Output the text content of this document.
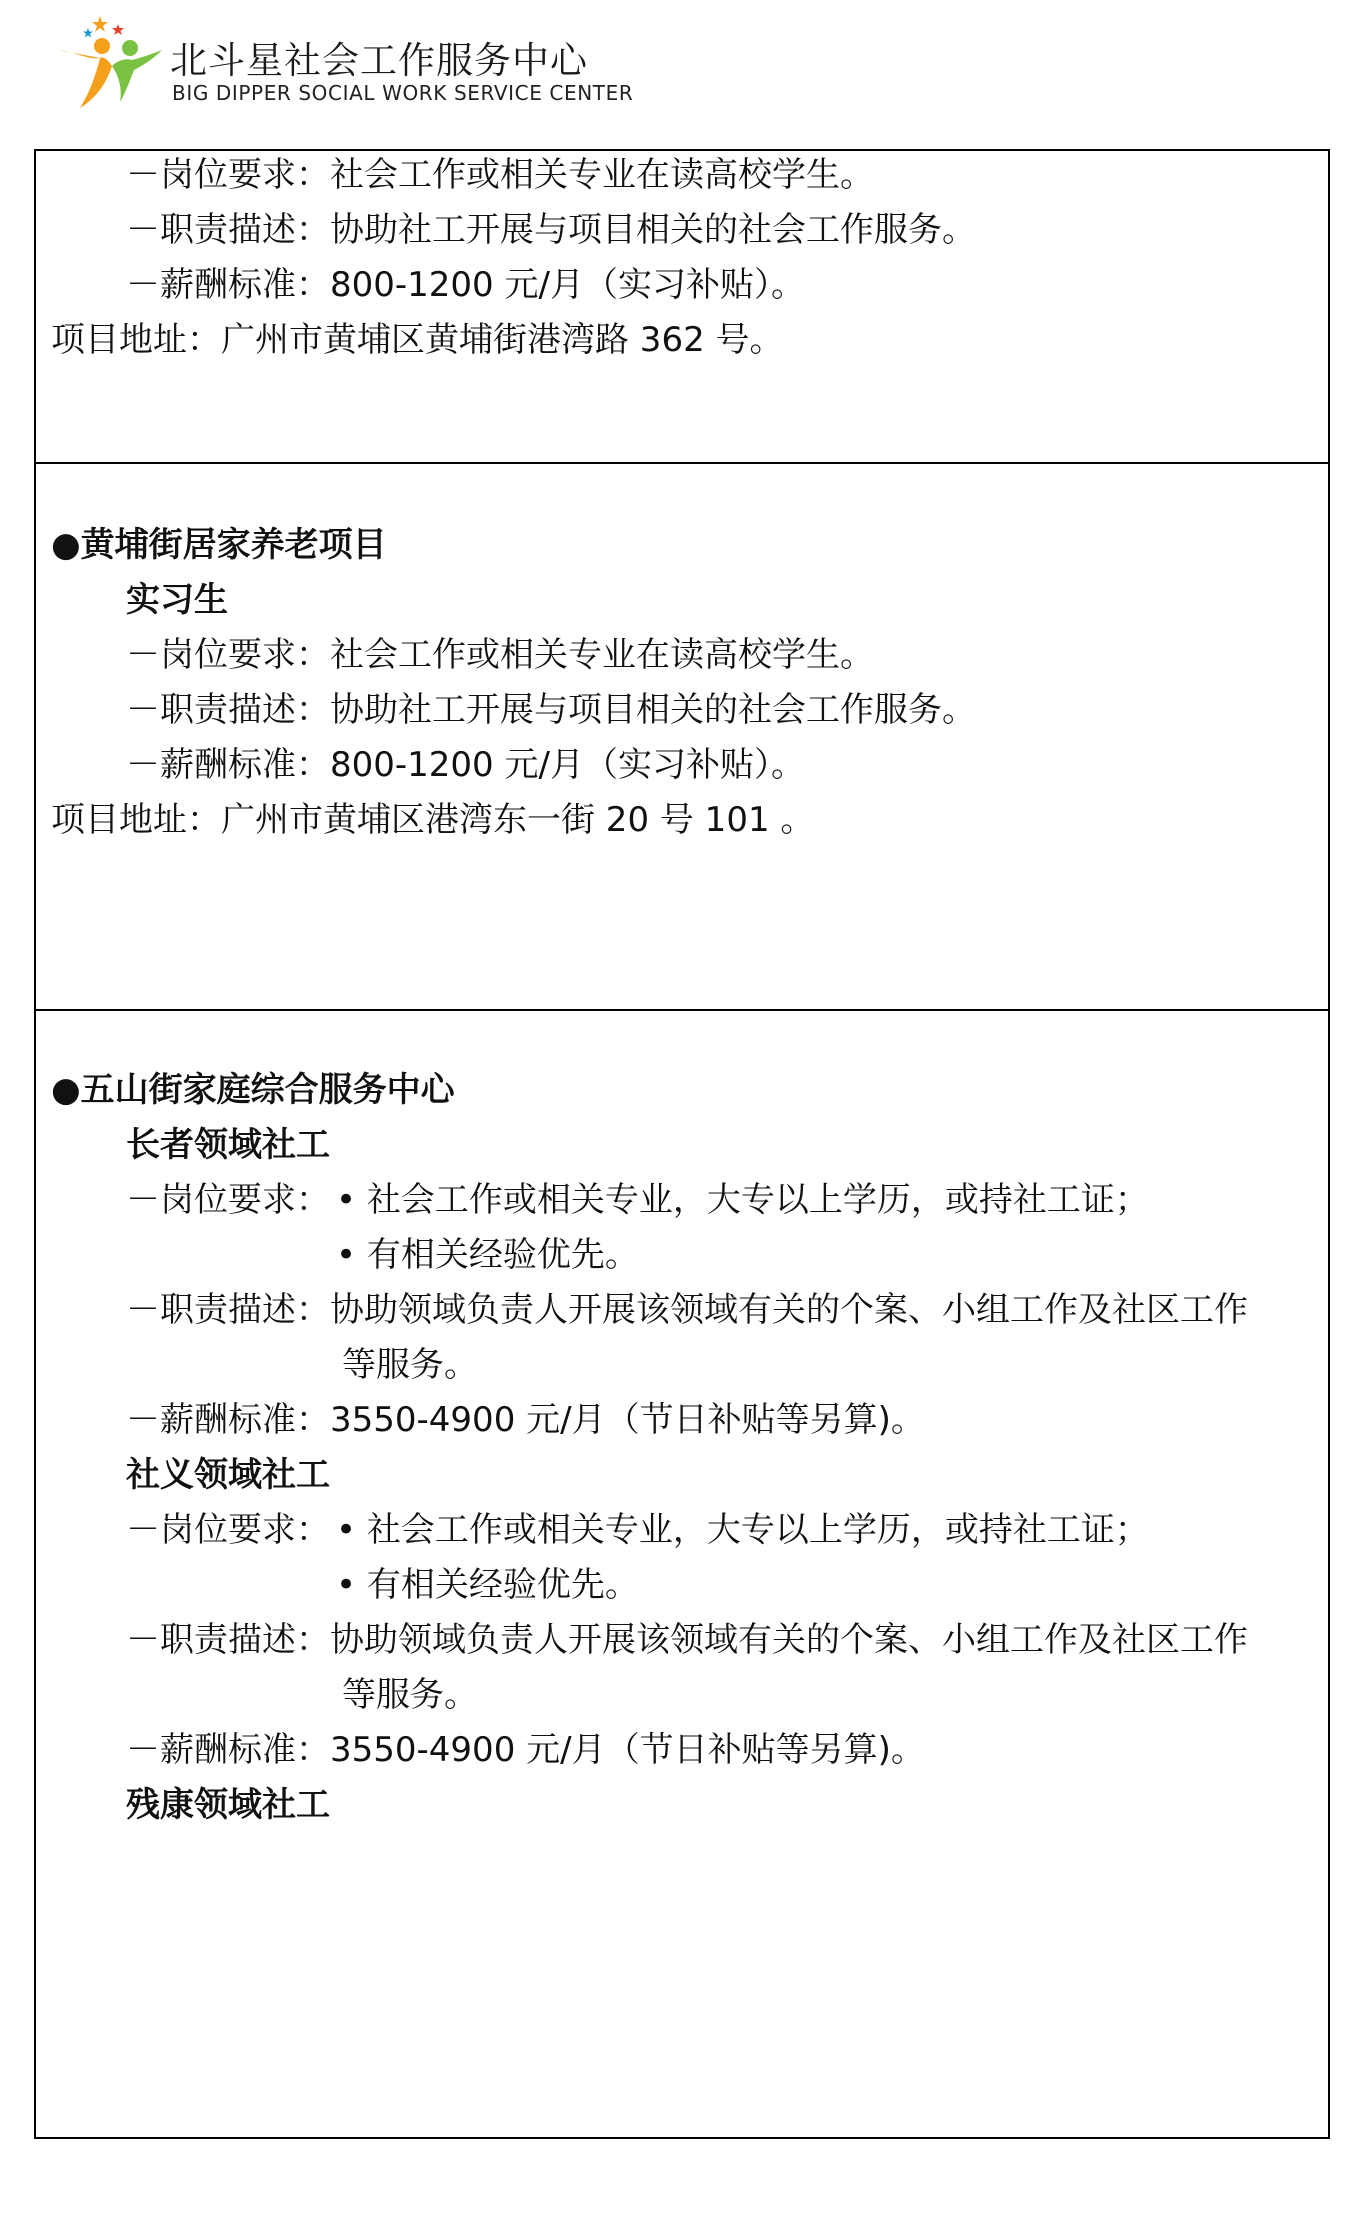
北斗星社会工作服务中心
BIG DIPPER SOCIAL WORK SERVICE CENTER
－岗位要求：社会工作或相关专业在读高校学生。
－职责描述：协助社工开展与项目相关的社会工作服务。
－薪酬标准：800-1200 元/月（实习补贴）。
项目地址：广州市黄埔区黄埔街港湾路 362 号。
●黄埔街居家养老项目
实习生
－岗位要求：社会工作或相关专业在读高校学生。
－职责描述：协助社工开展与项目相关的社会工作服务。
－薪酬标准：800-1200 元/月（实习补贴）。
项目地址：广州市黄埔区港湾东一街 20 号 101 。
●五山街家庭综合服务中心
长者领域社工
－岗位要求： • 社会工作或相关专业，大专以上学历，或持社工证；
• 有相关经验优先。
－职责描述：协助领域负责人开展该领域有关的个案、小组工作及社区工作
等服务。
－薪酬标准：3550-4900 元/月（节日补贴等另算)。
社义领域社工
－岗位要求： • 社会工作或相关专业，大专以上学历，或持社工证；
• 有相关经验优先。
－职责描述：协助领域负责人开展该领域有关的个案、小组工作及社区工作
等服务。
－薪酬标准：3550-4900 元/月（节日补贴等另算)。
残康领域社工
